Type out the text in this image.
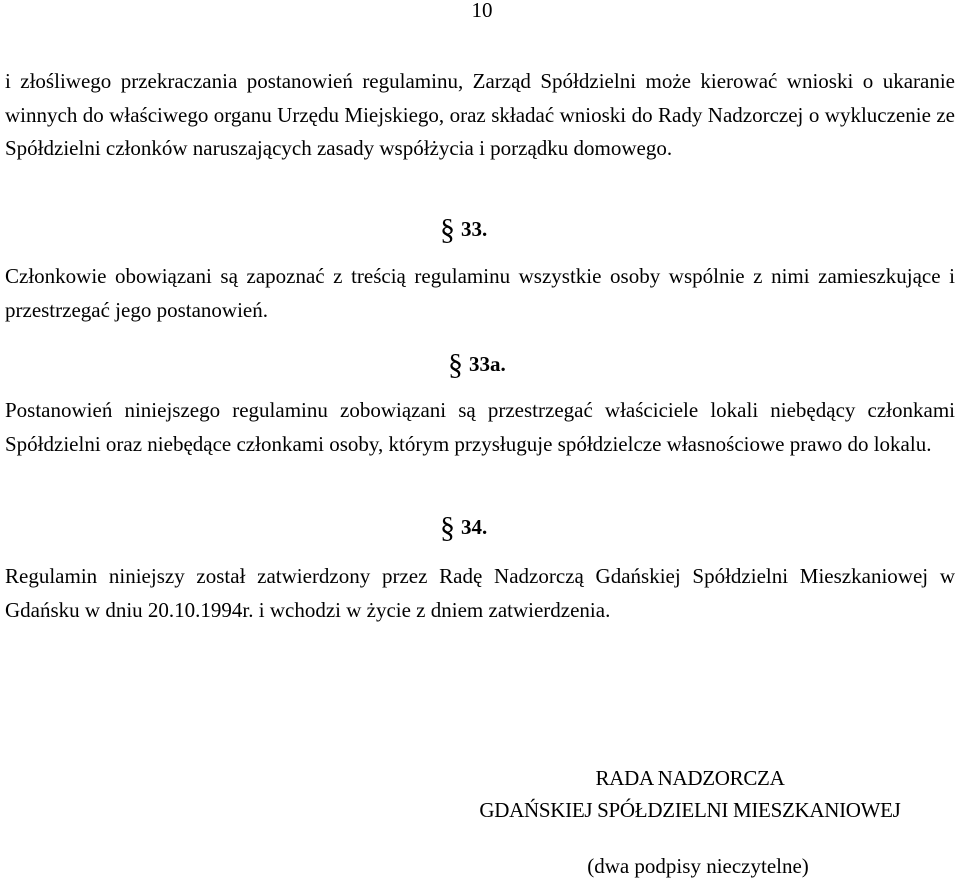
10

i złośliwego przekraczania postanowień regulaminu, Zarząd Spółdzielni może kierować wnioski o ukaranie winnych do właściwego organu Urzędu Miejskiego, oraz składać wnioski do Rady Nadzorczej o wykluczenie ze Spółdzielni członków naruszających zasady współżycia i porządku domowego.

§ 33.

Członkowie obowiązani są zapoznać z treścią regulaminu wszystkie osoby wspólnie z nimi zamieszkujące i przestrzegać jego postanowień.

§ 33a.

Postanowień niniejszego regulaminu zobowiązani są przestrzegać właściciele lokali niebędący członkami Spółdzielni oraz niebędące członkami osoby, którym przysługuje spółdzielcze własnościowe prawo do lokalu.

§ 34.

Regulamin niniejszy został zatwierdzony przez Radę Nadzorczą Gdańskiej Spółdzielni Mieszkaniowej w Gdańsku w dniu 20.10.1994r. i wchodzi w życie z dniem zatwierdzenia.

RADA NADZORCZA
GDAŃSKIEJ SPÓŁDZIELNI MIESZKANIOWEJ
(dwa podpisy nieczytelne)
